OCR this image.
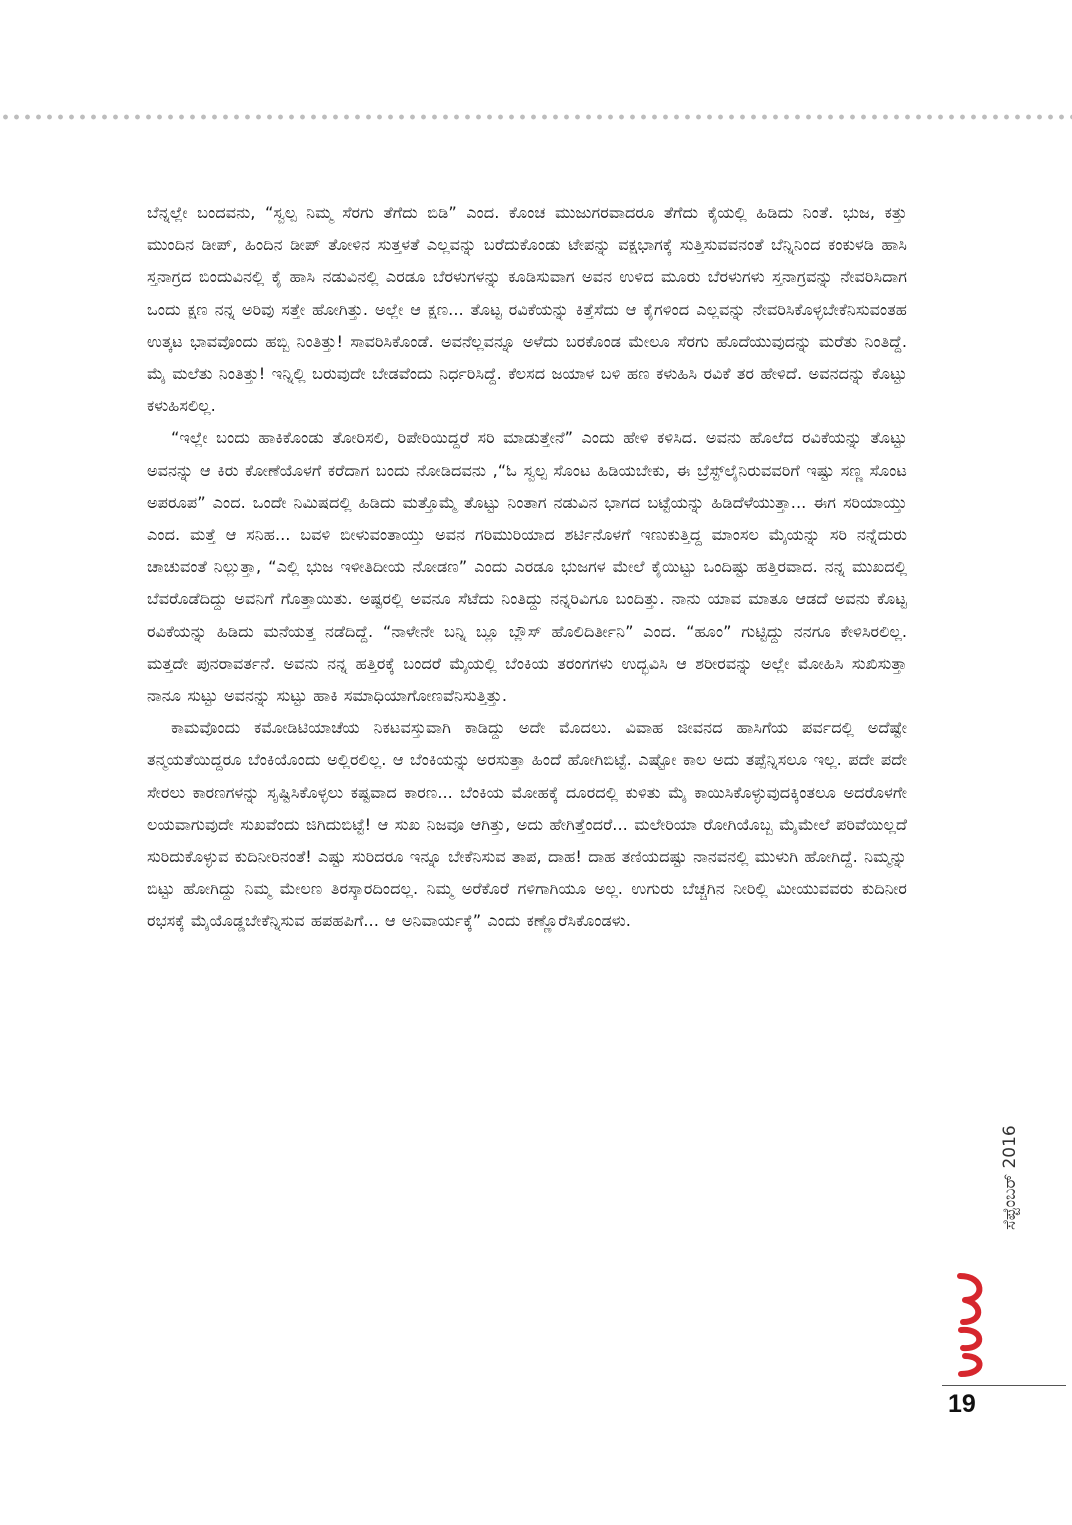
ಬೆನ್ನಲ್ಲೇ ಬಂದವನು, “ಸ್ವಲ್ಪ ನಿಮ್ಮ ಸೆರಗು ತೆಗೆದು ಬಿಡಿ” ಎಂದ. ಕೊಂಚ ಮುಜುಗರವಾದರೂ ತೆಗೆದು ಕೈಯಲ್ಲಿ ಹಿಡಿದು ನಿಂತೆ. ಭುಜ, ಕತ್ತು ಮುಂದಿನ ಡೀಪ್, ಹಿಂದಿನ ಡೀಪ್ ತೋಳಿನ ಸುತ್ತಳತೆ ಎಲ್ಲವನ್ನು ಬರೆದುಕೊಂಡು ಟೇಪನ್ನು ವಕ್ಷಭಾಗಕ್ಕೆ ಸುತ್ತಿಸುವವನಂತೆ ಬೆನ್ನಿನಿಂದ ಕಂಕುಳಡಿ ಹಾಸಿ ಸ್ತನಾಗ್ರದ ಬಿಂದುವಿನಲ್ಲಿ ಕೈ ಹಾಸಿ ನಡುವಿನಲ್ಲಿ ಎರಡೂ ಬೆರಳುಗಳನ್ನು ಕೂಡಿಸುವಾಗ ಅವನ ಉಳಿದ ಮೂರು ಬೆರಳುಗಳು ಸ್ತನಾಗ್ರವನ್ನು ನೇವರಿಸಿದಾಗ ಒಂದು ಕ್ಷಣ ನನ್ನ ಅರಿವು ಸತ್ತೇ ಹೋಗಿತ್ತು. ಅಲ್ಲೇ ಆ ಕ್ಷಣ... ತೊಟ್ಟ ರವಿಕೆಯನ್ನು ಕಿತ್ತೆಸೆದು ಆ ಕೈಗಳಿಂದ ಎಲ್ಲವನ್ನು ನೇವರಿಸಿಕೊಳ್ಳಬೇಕೆನಿಸುವಂತಹ ಉತ್ಕಟ ಭಾವವೊಂದು ಹಬ್ಬಿ ನಿಂತಿತ್ತು! ಸಾವರಿಸಿಕೊಂಡೆ. ಅವನೆಲ್ಲವನ್ನೂ ಅಳೆದು ಬರಕೊಂಡ ಮೇಲೂ ಸೆರಗು ಹೊದೆಯುವುದನ್ನು ಮರೆತು ನಿಂತಿದ್ದೆ. ಮೈ ಮಲೆತು ನಿಂತಿತ್ತು! ಇನ್ನಿಲ್ಲಿ ಬರುವುದೇ ಬೇಡವೆಂದು ನಿರ್ಧರಿಸಿದ್ದೆ. ಕೆಲಸದ ಜಯಾಳ ಬಳಿ ಹಣ ಕಳುಹಿಸಿ ರವಿಕೆ ತರ ಹೇಳಿದೆ. ಅವನದನ್ನು ಕೊಟ್ಟು ಕಳುಹಿಸಲಿಲ್ಲ.

“ಇಲ್ಲೇ ಬಂದು ಹಾಕಿಕೊಂಡು ತೋರಿಸಲಿ, ರಿಪೇರಿಯಿದ್ದರೆ ಸರಿ ಮಾಡುತ್ತೇನೆ” ಎಂದು ಹೇಳಿ ಕಳಿಸಿದ. ಅವನು ಹೊಲೆದ ರವಿಕೆಯನ್ನು ತೊಟ್ಟು ಅವನನ್ನು ಆ ಕಿರು ಕೋಣೆಯೊಳಗೆ ಕರೆದಾಗ ಬಂದು ನೋಡಿದವನು ,“ಓ ಸ್ವಲ್ಪ ಸೊಂಟ ಹಿಡಿಯಬೇಕು, ಈ ಬ್ರೆಸ್ಟ್‌ಲೈನಿರುವವರಿಗೆ ಇಷ್ಟು ಸಣ್ಣ ಸೊಂಟ ಅಪರೂಪ” ಎಂದ. ಒಂದೇ ನಿಮಿಷದಲ್ಲಿ ಹಿಡಿದು ಮತ್ತೊಮ್ಮೆ ತೊಟ್ಟು ನಿಂತಾಗ ನಡುವಿನ ಭಾಗದ ಬಟ್ಟೆಯನ್ನು ಹಿಡಿದೆಳೆಯುತ್ತಾ... ಈಗ ಸರಿಯಾಯ್ತು ಎಂದ. ಮತ್ತೆ ಆ ಸನಿಹ... ಬವಳಿ ಬೀಳುವಂತಾಯ್ತು ಅವನ ಗರಿಮುರಿಯಾದ ಶರ್ಟಿನೊಳಗೆ ಇಣುಕುತ್ತಿದ್ದ ಮಾಂಸಲ ಮೈಯನ್ನು ಸರಿ ನನ್ನೆದುರು ಚಾಚುವಂತೆ ನಿಲ್ಲುತ್ತಾ, “ಎಲ್ಲಿ ಭುಜ ಇಳೀತಿದೀಯ ನೋಡಣ” ಎಂದು ಎರಡೂ ಭುಜಗಳ ಮೇಲೆ ಕೈಯಿಟ್ಟು ಒಂದಿಷ್ಟು ಹತ್ತಿರವಾದ. ನನ್ನ ಮುಖದಲ್ಲಿ ಬೆವರೊಡೆದಿದ್ದು ಅವನಿಗೆ ಗೊತ್ತಾಯಿತು. ಅಷ್ಟರಲ್ಲಿ ಅವನೂ ಸೆಟೆದು ನಿಂತಿದ್ದು ನನ್ನರಿವಿಗೂ ಬಂದಿತ್ತು. ನಾನು ಯಾವ ಮಾತೂ ಆಡದೆ ಅವನು ಕೊಟ್ಟ ರವಿಕೆಯನ್ನು ಹಿಡಿದು ಮನೆಯತ್ತ ನಡೆದಿದ್ದೆ. “ನಾಳೇನೇ ಬನ್ನಿ ಬ್ಲೂ ಬ್ಲೌಸ್ ಹೊಲಿದಿರ್ತೀನಿ” ಎಂದ. “ಹೂಂ” ಗುಟ್ಟಿದ್ದು ನನಗೂ ಕೇಳಿಸಿರಲಿಲ್ಲ. ಮತ್ತದೇ ಪುನರಾವರ್ತನೆ. ಅವನು ನನ್ನ ಹತ್ತಿರಕ್ಕೆ ಬಂದರೆ ಮೈಯಲ್ಲಿ ಬೆಂಕಿಯ ತರಂಗಗಳು ಉದ್ಭವಿಸಿ ಆ ಶರೀರವನ್ನು ಅಲ್ಲೇ ಮೋಹಿಸಿ ಸುಖಿಸುತ್ತಾ ನಾನೂ ಸುಟ್ಟು ಅವನನ್ನು ಸುಟ್ಟು ಹಾಕಿ ಸಮಾಧಿಯಾಗೋಣವೆನಿಸುತ್ತಿತ್ತು.

ಕಾಮವೊಂದು ಕಮೋಡಿಟಿಯಾಚೆಯ ನಿಕಟವಸ್ತುವಾಗಿ ಕಾಡಿದ್ದು ಅದೇ ಮೊದಲು. ವಿವಾಹ ಜೀವನದ ಹಾಸಿಗೆಯ ಪರ್ವದಲ್ಲಿ ಅದೆಷ್ಟೇ ತನ್ಮಯತೆಯಿದ್ದರೂ ಬೆಂಕಿಯೊಂದು ಅಲ್ಲಿರಲಿಲ್ಲ. ಆ ಬೆಂಕಿಯನ್ನು ಅರಸುತ್ತಾ ಹಿಂದೆ ಹೋಗಿಬಿಟ್ಟೆ. ಎಷ್ಟೋ ಕಾಲ ಅದು ತಪ್ಪೆನ್ನಿಸಲೂ ಇಲ್ಲ. ಪದೇ ಪದೇ ಸೇರಲು ಕಾರಣಗಳನ್ನು ಸೃಷ್ಟಿಸಿಕೊಳ್ಳಲು ಕಷ್ಟವಾದ ಕಾರಣ... ಬೆಂಕಿಯ ಮೋಹಕ್ಕೆ ದೂರದಲ್ಲಿ ಕುಳಿತು ಮೈ ಕಾಯಿಸಿಕೊಳ್ಳುವುದಕ್ಕಿಂತಲೂ ಅದರೊಳಗೇ ಲಯವಾಗುವುದೇ ಸುಖವೆಂದು ಜಿಗಿದುಬಿಟ್ಟೆ! ಆ ಸುಖ ನಿಜವೂ ಆಗಿತ್ತು, ಅದು ಹೇಗಿತ್ತೆಂದರೆ... ಮಲೇರಿಯಾ ರೋಗಿಯೊಬ್ಬ ಮೈಮೇಲೆ ಪರಿವೆಯಿಲ್ಲದೆ ಸುರಿದುಕೊಳ್ಳುವ ಕುದಿನೀರಿನಂತೆ! ಎಷ್ಟು ಸುರಿದರೂ ಇನ್ನೂ ಬೇಕೆನಿಸುವ ತಾಪ, ದಾಹ! ದಾಹ ತಣಿಯದಷ್ಟು ನಾನವನಲ್ಲಿ ಮುಳುಗಿ ಹೋಗಿದ್ದೆ. ನಿಮ್ಮನ್ನು ಬಿಟ್ಟು ಹೋಗಿದ್ದು ನಿಮ್ಮ ಮೇಲಣ ತಿರಸ್ಕಾರದಿಂದಲ್ಲ. ನಿಮ್ಮ ಅರೆಕೊರೆ ಗಳಿಗಾಗಿಯೂ ಅಲ್ಲ. ಉಗುರು ಬೆಚ್ಚಗಿನ ನೀರಿಲ್ಲಿ ಮೀಯುವವರು ಕುದಿನೀರ ರಭಸಕ್ಕೆ ಮೈಯೊಡ್ಡಬೇಕೆನ್ನಿಸುವ ಹಪಹಪಿಗೆ... ಆ ಅನಿವಾರ್ಯಕ್ಕೆ” ಎಂದು ಕಣ್ಣೊರೆಸಿಕೊಂಡಳು.

ಸೆಪ್ಟೆಂಬರ್ 2016
19
